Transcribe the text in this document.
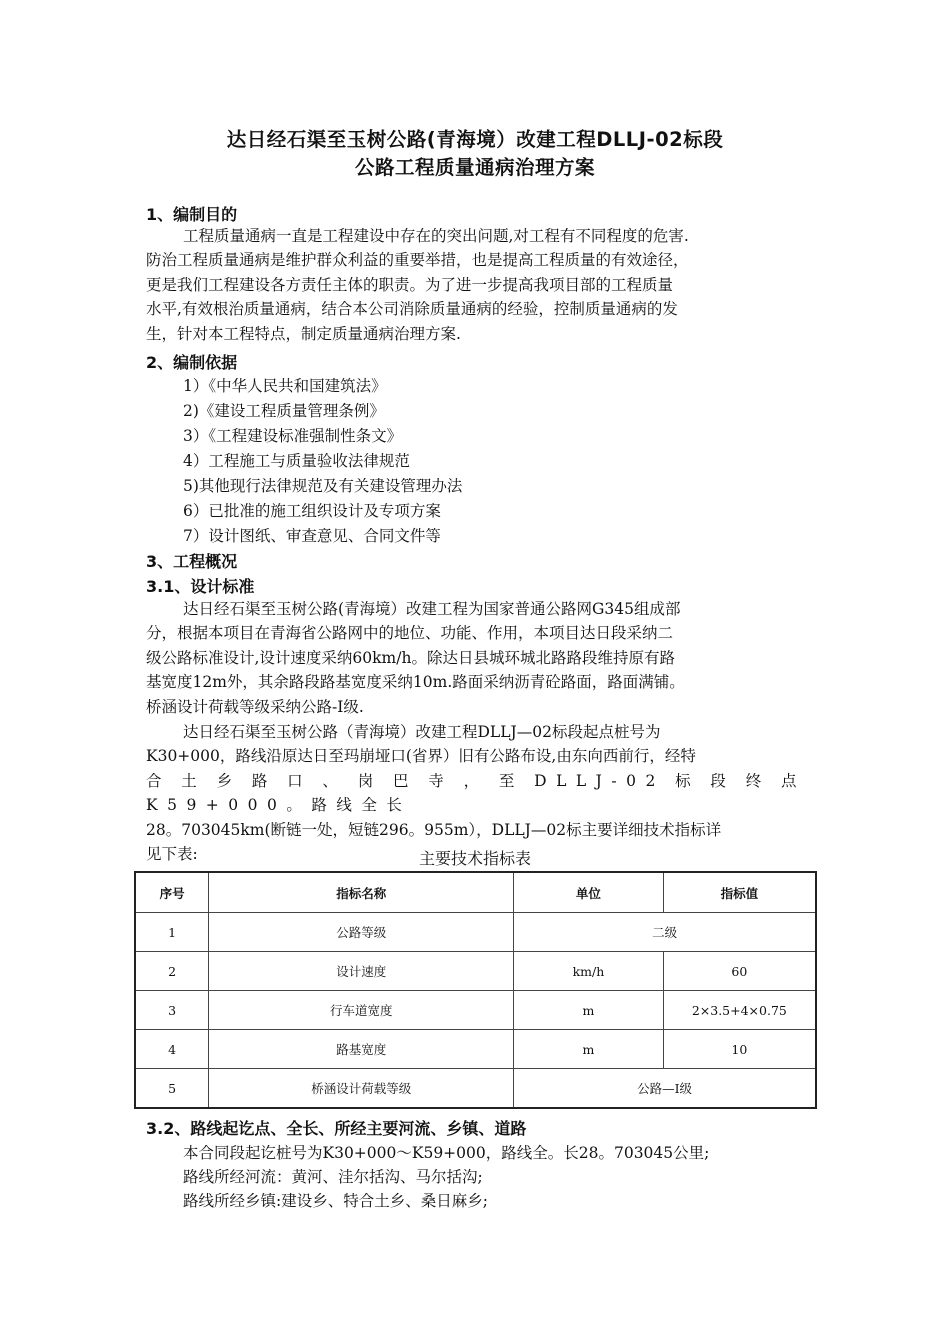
达日经石渠至玉树公路(青海境）改建工程DLLJ-02标段
公路工程质量通病治理方案
1、编制目的
工程质量通病一直是工程建设中存在的突出问题,对工程有不同程度的危害.
防治工程质量通病是维护群众利益的重要举措，也是提高工程质量的有效途径，
更是我们工程建设各方责任主体的职责。为了进一步提高我项目部的工程质量
水平,有效根治质量通病，结合本公司消除质量通病的经验，控制质量通病的发
生，针对本工程特点，制定质量通病治理方案.
2、编制依据
1）《中华人民共和国建筑法》
2)《建设工程质量管理条例》
3）《工程建设标准强制性条文》
4）工程施工与质量验收法律规范
5)其他现行法律规范及有关建设管理办法
6）已批准的施工组织设计及专项方案
7）设计图纸、审查意见、合同文件等
3、工程概况
3.1、设计标准
达日经石渠至玉树公路(青海境）改建工程为国家普通公路网G345组成部
分，根据本项目在青海省公路网中的地位、功能、作用，本项目达日段采纳二
级公路标准设计,设计速度采纳60km/h。除达日县城环城北路路段维持原有路
基宽度12m外，其余路段路基宽度采纳10m.路面采纳沥青砼路面，路面满铺。
桥涵设计荷载等级采纳公路-I级.
达日经石渠至玉树公路（青海境）改建工程DLLJ—02标段起点桩号为
K30+000，路线沿原达日至玛崩垭口(省界）旧有公路布设,由东向西前行，经特
合土乡路口、岗巴寺，至DLLJ-02标段终点K59+000。路线全长
28。703045km(断链一处，短链296。955m），DLLJ—02标主要详细技术指标详
见下表:	主要技术指标表
序号	指标名称	单位	指标值
1	公路等级	二级	
2	设计速度	km/h	60
3	行车道宽度	m	2×3.5+4×0.75
4	路基宽度	m	10
5	桥涵设计荷载等级	公路—Ⅰ级	
3.2、路线起讫点、全长、所经主要河流、乡镇、道路
本合同段起讫桩号为K30+000～K59+000，路线全。长28。703045公里;
路线所经河流：黄河、洼尔括沟、马尔括沟;
路线所经乡镇:建设乡、特合土乡、桑日麻乡;
